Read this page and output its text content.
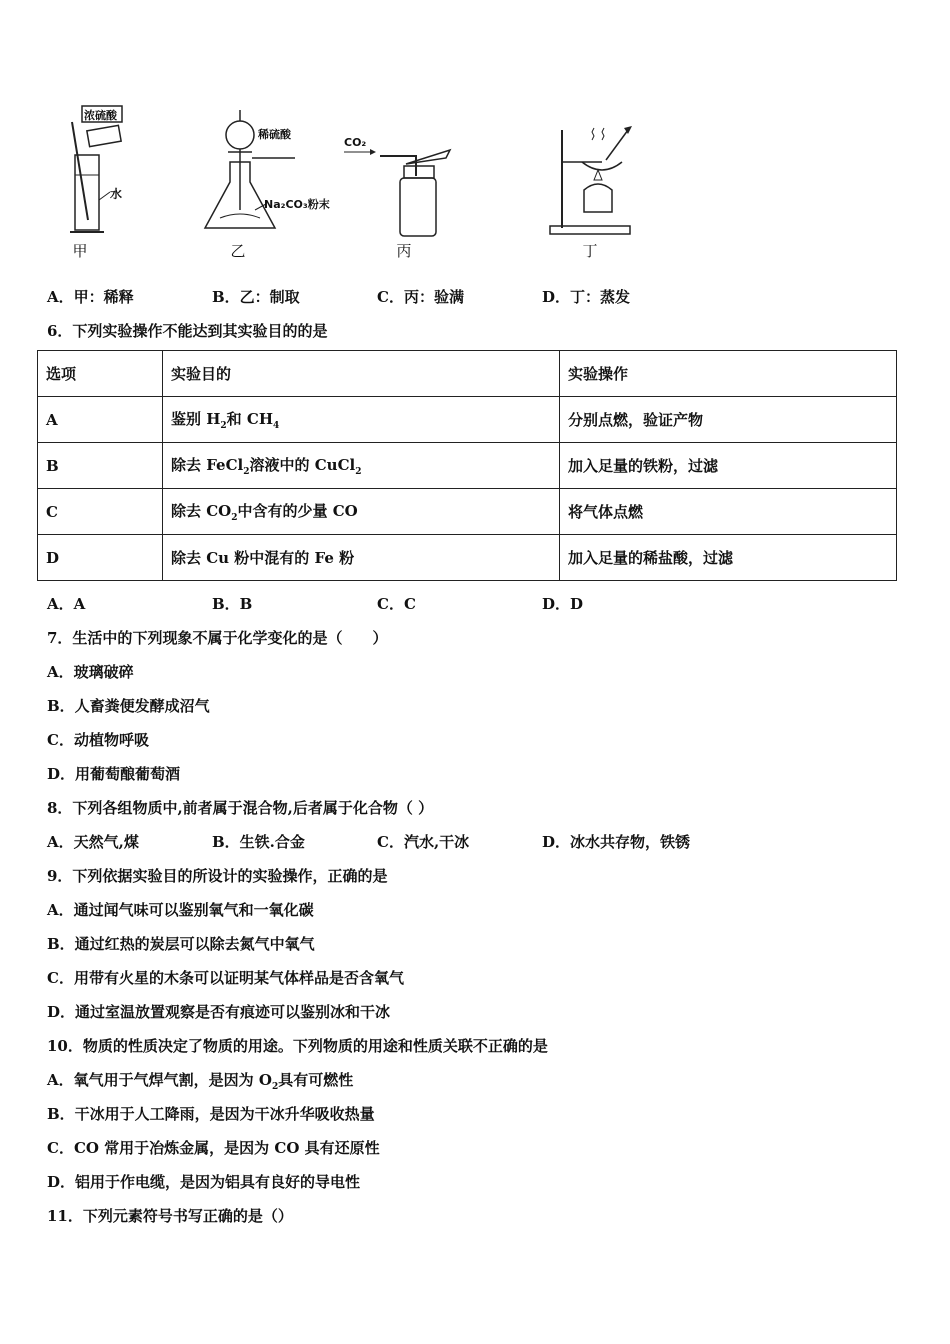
浓硫酸
水
甲
稀硫酸
Na₂CO₃粉末
乙
CO₂
丙	丁
A．甲：稀释	B．乙：制取	C．丙：验满	D．丁：蒸发
6．下列实验操作不能达到其实验目的的是
选项	实验目的	实验操作
A	鉴别 $H_2$和 $CH_4$	分别点燃，验证产物
B	除去 FeCl$_2$溶液中的 CuCl$_2$	加入足量的铁粉，过滤
C	除去 $CO_2$中含有的少量 CO	将气体点燃
D	除去 Cu 粉中混有的 Fe 粉	加入足量的稀盐酸，过滤
A．A	B．B	C．C	D．D
7．生活中的下列现象不属于化学变化的是（　　）
A．玻璃破碎
B．人畜粪便发酵成沼气
C．动植物呼吸
D．用葡萄酿葡萄酒
8．下列各组物质中,前者属于混合物,后者属于化合物（ ）
A．天然气,煤	B．生铁.合金	C．汽水,干冰	D．冰水共存物，铁锈
9．下列依据实验目的所设计的实验操作，正确的是
A．通过闻气味可以鉴别氧气和一氧化碳
B．通过红热的炭层可以除去氮气中氧气
C．用带有火星的木条可以证明某气体样品是否含氧气
D．通过室温放置观察是否有痕迹可以鉴别冰和干冰
10．物质的性质决定了物质的用途。下列物质的用途和性质关联不正确的是
A．氧气用于气焊气割，是因为 $O_2$具有可燃性
B．干冰用于人工降雨，是因为干冰升华吸收热量
C．CO 常用于冶炼金属，是因为 CO 具有还原性
D．铝用于作电缆，是因为铝具有良好的导电性
11．下列元素符号书写正确的是（）
